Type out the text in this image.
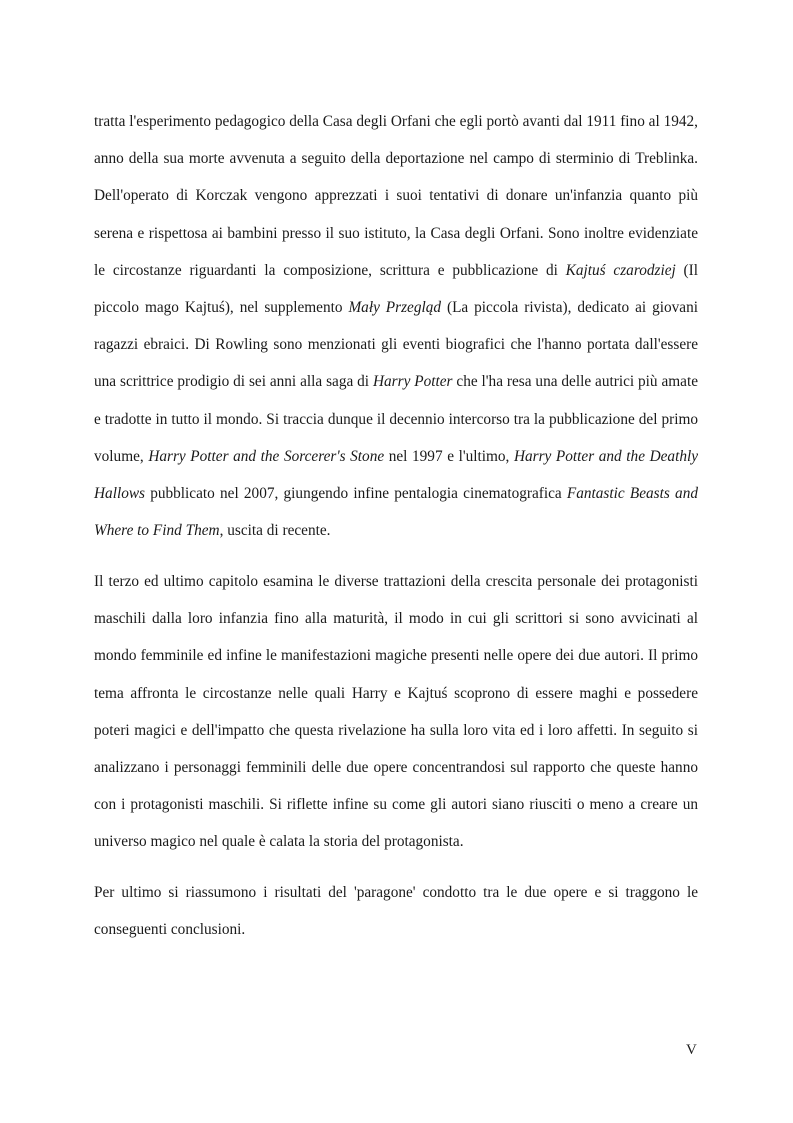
tratta l'esperimento pedagogico della Casa degli Orfani che egli portò avanti dal 1911 fino al 1942, anno della sua morte avvenuta a seguito della deportazione nel campo di sterminio di Treblinka. Dell'operato di Korczak vengono apprezzati i suoi tentativi di donare un'infanzia quanto più serena e rispettosa ai bambini presso il suo istituto, la Casa degli Orfani. Sono inoltre evidenziate le circostanze riguardanti la composizione, scrittura e pubblicazione di Kajtuś czarodziej (Il piccolo mago Kajtuś), nel supplemento Mały Przegląd (La piccola rivista), dedicato ai giovani ragazzi ebraici. Di Rowling sono menzionati gli eventi biografici che l'hanno portata dall'essere una scrittrice prodigio di sei anni alla saga di Harry Potter che l'ha resa una delle autrici più amate e tradotte in tutto il mondo. Si traccia dunque il decennio intercorso tra la pubblicazione del primo volume, Harry Potter and the Sorcerer's Stone nel 1997 e l'ultimo, Harry Potter and the Deathly Hallows pubblicato nel 2007, giungendo infine pentalogia cinematografica Fantastic Beasts and Where to Find Them, uscita di recente.

Il terzo ed ultimo capitolo esamina le diverse trattazioni della crescita personale dei protagonisti maschili dalla loro infanzia fino alla maturità, il modo in cui gli scrittori si sono avvicinati al mondo femminile ed infine le manifestazioni magiche presenti nelle opere dei due autori. Il primo tema affronta le circostanze nelle quali Harry e Kajtuś scoprono di essere maghi e possedere poteri magici e dell'impatto che questa rivelazione ha sulla loro vita ed i loro affetti. In seguito si analizzano i personaggi femminili delle due opere concentrandosi sul rapporto che queste hanno con i protagonisti maschili. Si riflette infine su come gli autori siano riusciti o meno a creare un universo magico nel quale è calata la storia del protagonista.

Per ultimo si riassumono i risultati del 'paragone' condotto tra le due opere e si traggono le conseguenti conclusioni.

V
